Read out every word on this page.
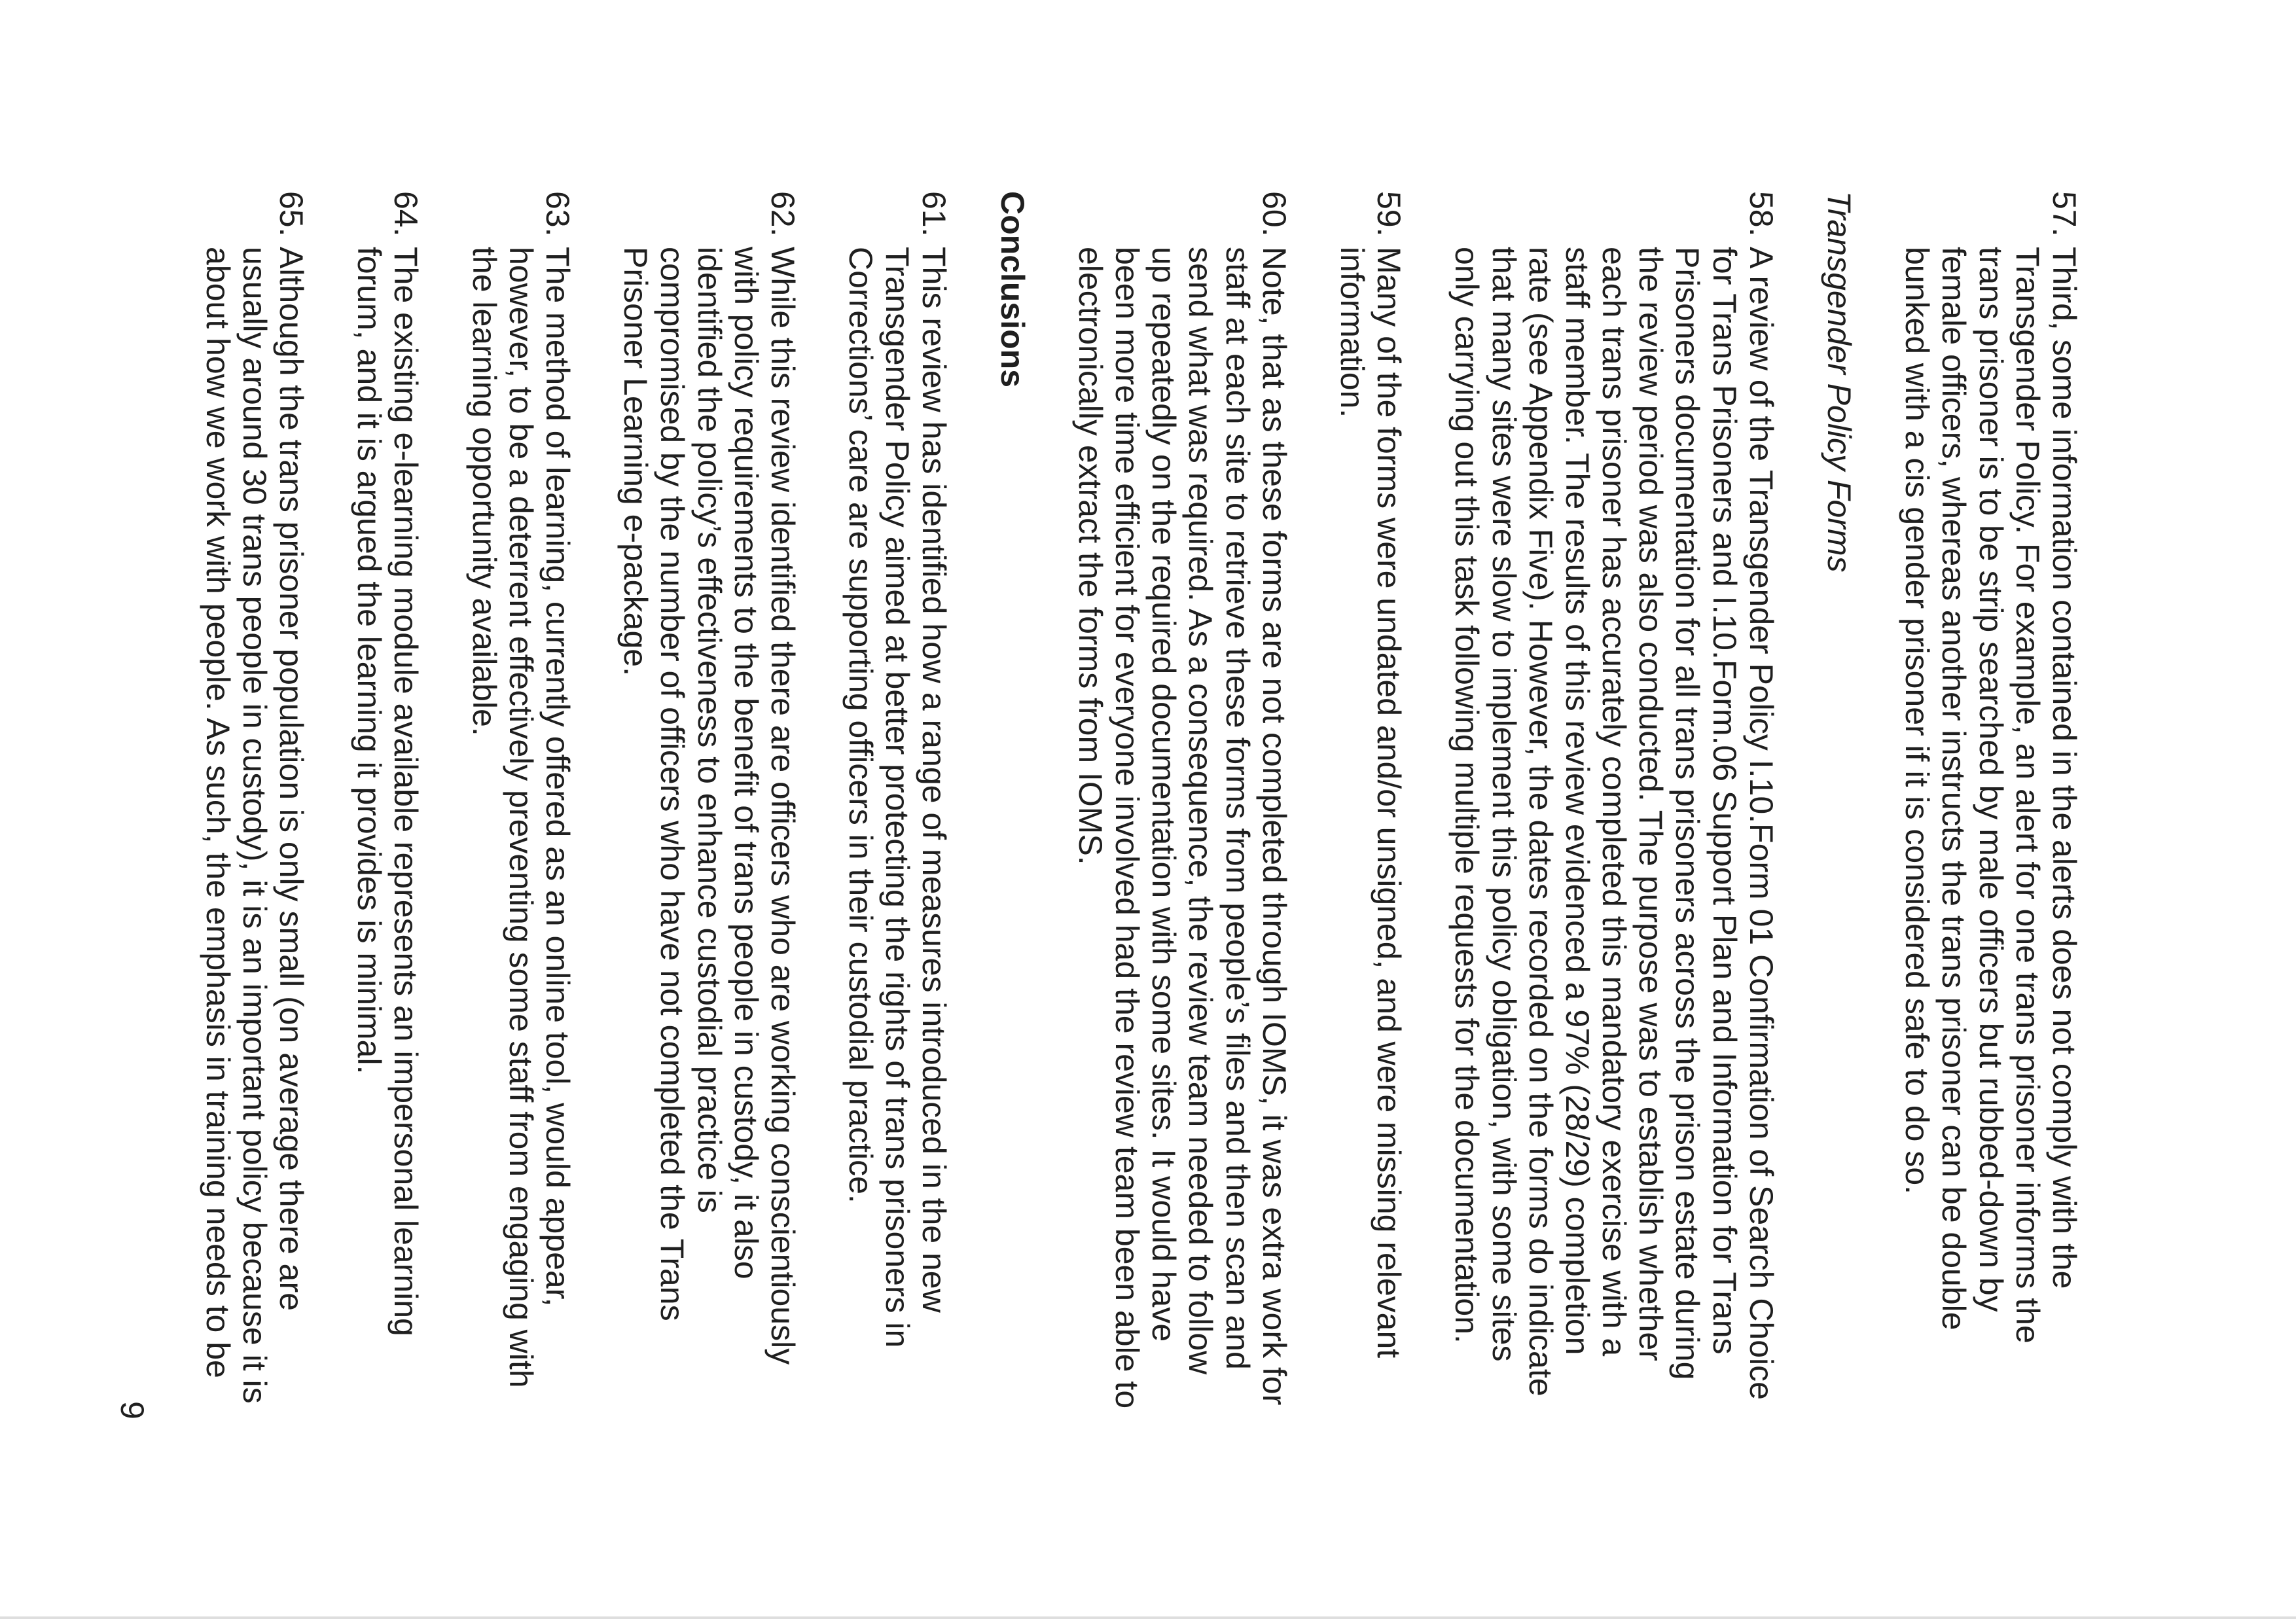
57.Third, some information contained in the alerts does not comply with the
Transgender Policy. For example, an alert for one trans prisoner informs the
trans prisoner is to be strip searched by male officers but rubbed-down by
female officers, whereas another instructs the trans prisoner can be double
bunked with a cis gender prisoner if it is considered safe to do so.
Transgender Policy Forms
58.A review of the Transgender Policy I.10.Form 01 Confirmation of Search Choice
for Trans Prisoners and I.10.Form.06 Support Plan and Information for Trans
Prisoners documentation for all trans prisoners across the prison estate during
the review period was also conducted. The purpose was to establish whether
each trans prisoner has accurately completed this mandatory exercise with a
staff member. The results of this review evidenced a 97% (28/29) completion
rate (see Appendix Five). However, the dates recorded on the forms do indicate
that many sites were slow to implement this policy obligation, with some sites
only carrying out this task following multiple requests for the documentation.
59.Many of the forms were undated and/or unsigned, and were missing relevant
information.
60.Note, that as these forms are not completed through IOMS, it was extra work for
staff at each site to retrieve these forms from people’s files and then scan and
send what was required. As a consequence, the review team needed to follow
up repeatedly on the required documentation with some sites. It would have
been more time efficient for everyone involved had the review team been able to
electronically extract the forms from IOMS.
Conclusions
61.This review has identified how a range of measures introduced in the new
Transgender Policy aimed at better protecting the rights of trans prisoners in
Corrections’ care are supporting officers in their custodial practice.
62.While this review identified there are officers who are working conscientiously
with policy requirements to the benefit of trans people in custody, it also
identified the policy’s effectiveness to enhance custodial practice is
compromised by the number of officers who have not completed the Trans
Prisoner Learning e-package.
63.The method of learning, currently offered as an online tool, would appear,
however, to be a deterrent effectively preventing some staff from engaging with
the learning opportunity available.
64.The existing e-learning module available represents an impersonal learning
forum, and it is argued the learning it provides is minimal.
65.Although the trans prisoner population is only small (on average there are
usually around 30 trans people in custody), it is an important policy because it is
about how we work with people. As such, the emphasis in training needs to be
9
